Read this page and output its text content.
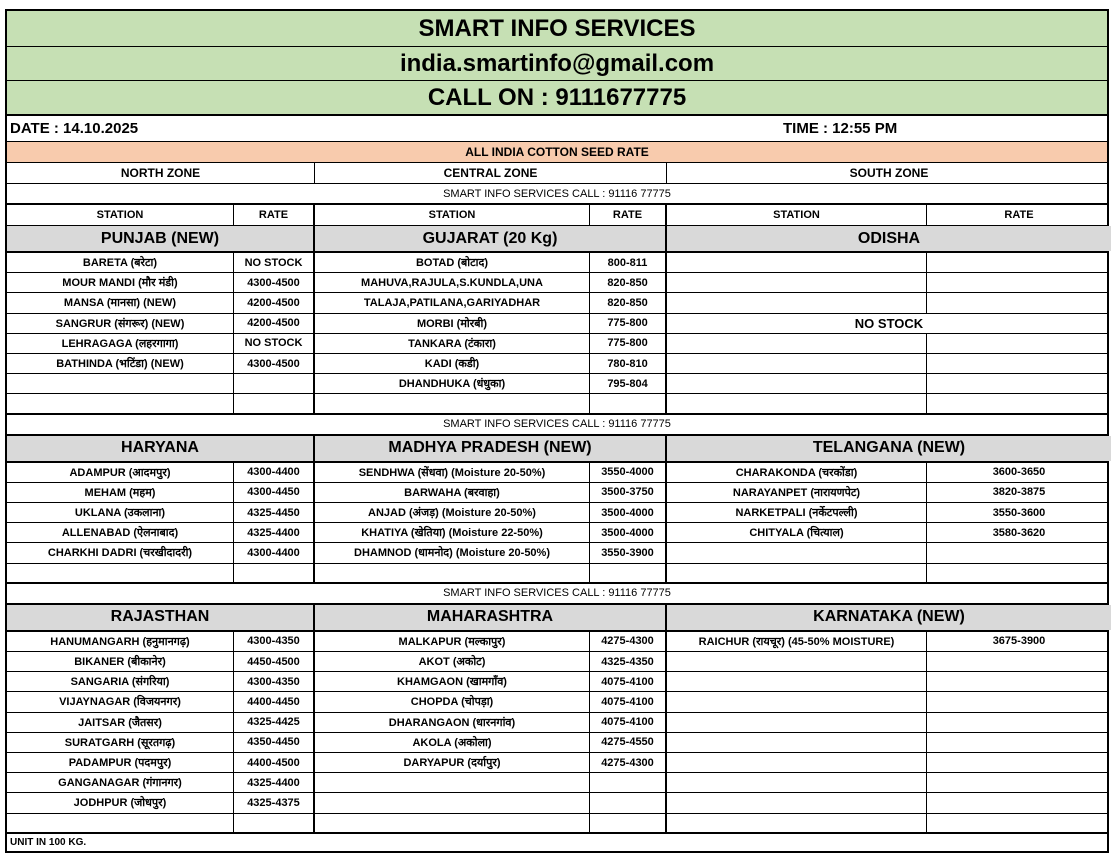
SMART INFO SERVICES
india.smartinfo@gmail.com
CALL ON : 9111677775
DATE : 14.10.2025	TIME : 12:55 PM
ALL INDIA COTTON SEED RATE
NORTH ZONE	CENTRAL ZONE	SOUTH ZONE
UNIT IN 100 KG.
SMART INFO SERVICES CALL : 91116 77775
STATION	RATE	STATION	RATE	STATION	RATE
PUNJAB (NEW)	GUJARAT (20 Kg)	ODISHA
BARETA (बरेटा)	NO STOCK	BOTAD (बोटाद)	800-811
MOUR MANDI (मौर मंडी)	4300-4500	MAHUVA,RAJULA,S.KUNDLA,UNA	820-850
MANSA (मानसा) (NEW)	4200-4500	TALAJA,PATILANA,GARIYADHAR	820-850
SANGRUR (संगरूर) (NEW)	4200-4500	MORBI (मोरबी)	775-800	NO STOCK
LEHRAGAGA (लहरगागा)	NO STOCK	TANKARA (टंकारा)	775-800
BATHINDA (भटिंडा) (NEW)	4300-4500	KADI (कडी)	780-810
DHANDHUKA (धंधुका)	795-804
SMART INFO SERVICES CALL : 91116 77775
HARYANA	MADHYA PRADESH (NEW)	TELANGANA (NEW)
ADAMPUR (आदमपुर)	4300-4400	SENDHWA (सेंधवा) (Moisture 20-50%)	3550-4000	CHARAKONDA (चरकोंडा)	3600-3650
MEHAM (महम)	4300-4450	BARWAHA (बरवाहा)	3500-3750	NARAYANPET (नारायणपेट)	3820-3875
UKLANA (उकलाना)	4325-4450	ANJAD (अंजड़) (Moisture 20-50%)	3500-4000	NARKETPALI (नर्केटपल्ली)	3550-3600
ALLENABAD (ऐलनाबाद)	4325-4400	KHATIYA (खेतिया) (Moisture 22-50%)	3500-4000	CHITYALA (चित्याल)	3580-3620
CHARKHI DADRI (चरखीदादरी)	4300-4400	DHAMNOD (धामनोद) (Moisture 20-50%)	3550-3900
SMART INFO SERVICES CALL : 91116 77775
RAJASTHAN	MAHARASHTRA	KARNATAKA (NEW)
HANUMANGARH (हनुमानगढ़)	4300-4350	MALKAPUR (मल्कापुर)	4275-4300	RAICHUR (रायचूर) (45-50% MOISTURE)	3675-3900
BIKANER (बीकानेर)	4450-4500	AKOT (अकोट)	4325-4350
SANGARIA (संगरिया)	4300-4350	KHAMGAON (खामगाँव)	4075-4100
VIJAYNAGAR (विजयनगर)	4400-4450	CHOPDA (चोपड़ा)	4075-4100
JAITSAR (जैतसर)	4325-4425	DHARANGAON (धारनगांव)	4075-4100
SURATGARH (सूरतगढ़)	4350-4450	AKOLA (अकोला)	4275-4550
PADAMPUR (पदमपुर)	4400-4500	DARYAPUR (दर्यापुर)	4275-4300
GANGANAGAR (गंगानगर)	4325-4400
JODHPUR (जोधपुर)	4325-4375
